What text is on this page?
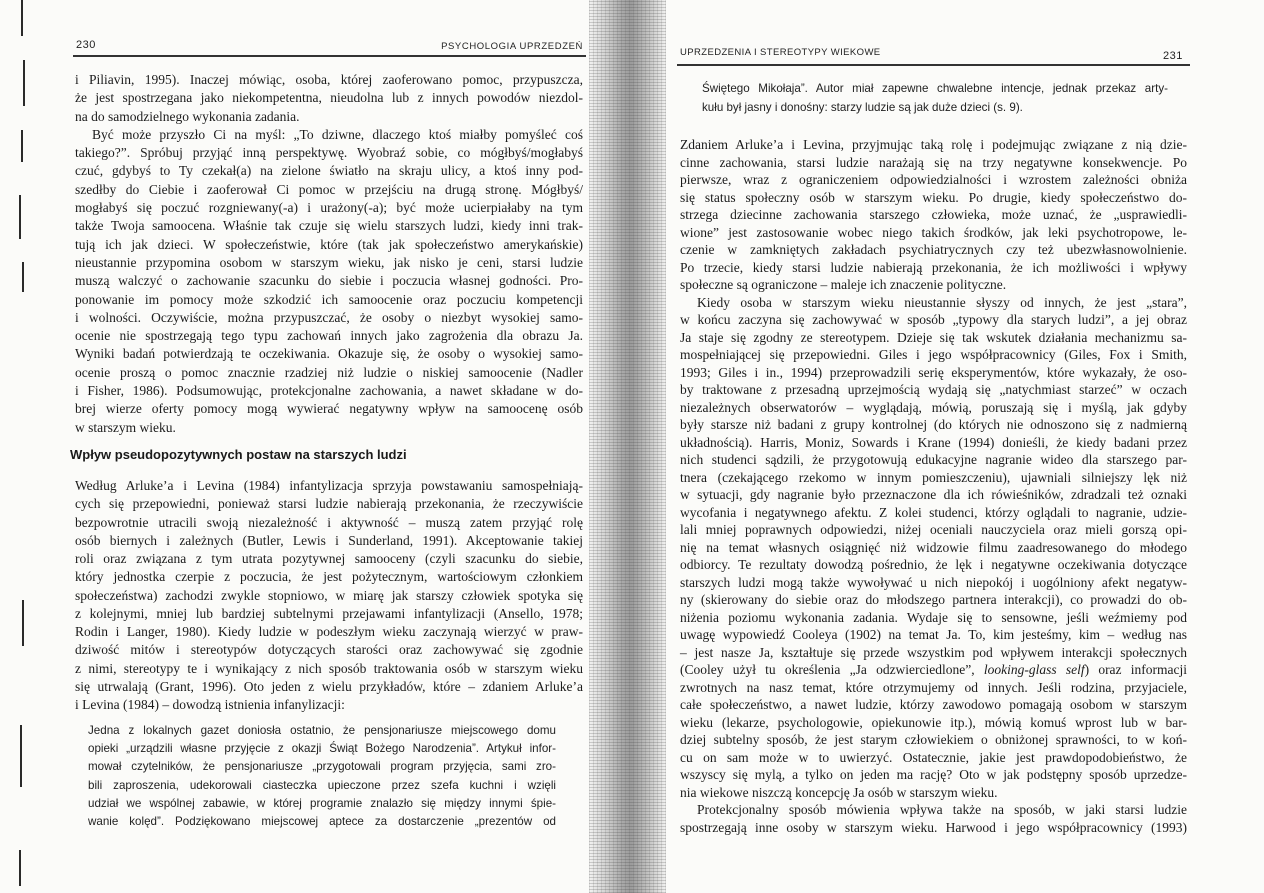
230	PSYCHOLOGIA UPRZEDZEŃ
i Piliavin, 1995). Inaczej mówiąc, osoba, której zaoferowano pomoc, przypuszcza,
że jest spostrzegana jako niekompetentna, nieudolna lub z innych powodów niezdol-
na do samodzielnego wykonania zadania.
Być może przyszło Ci na myśl: „To dziwne, dlaczego ktoś miałby pomyśleć coś
takiego?”. Spróbuj przyjąć inną perspektywę. Wyobraź sobie, co mógłbyś/mogłabyś
czuć, gdybyś to Ty czekał(a) na zielone światło na skraju ulicy, a ktoś inny pod-
szedłby do Ciebie i zaoferował Ci pomoc w przejściu na drugą stronę. Mógłbyś/
mogłabyś się poczuć rozgniewany(-a) i urażony(-a); być może ucierpiałaby na tym
także Twoja samoocena. Właśnie tak czuje się wielu starszych ludzi, kiedy inni trak-
tują ich jak dzieci. W społeczeństwie, które (tak jak społeczeństwo amerykańskie)
nieustannie przypomina osobom w starszym wieku, jak nisko je ceni, starsi ludzie
muszą walczyć o zachowanie szacunku do siebie i poczucia własnej godności. Pro-
ponowanie im pomocy może szkodzić ich samoocenie oraz poczuciu kompetencji
i wolności. Oczywiście, można przypuszczać, że osoby o niezbyt wysokiej samo-
ocenie nie spostrzegają tego typu zachowań innych jako zagrożenia dla obrazu Ja.
Wyniki badań potwierdzają te oczekiwania. Okazuje się, że osoby o wysokiej samo-
ocenie proszą o pomoc znacznie rzadziej niż ludzie o niskiej samoocenie (Nadler
i Fisher, 1986). Podsumowując, protekcjonalne zachowania, a nawet składane w do-
brej wierze oferty pomocy mogą wywierać negatywny wpływ na samoocenę osób
w starszym wieku.
Wpływ pseudopozytywnych postaw na starszych ludzi
Według Arluke’a i Levina (1984) infantylizacja sprzyja powstawaniu samospełniają-
cych się przepowiedni, ponieważ starsi ludzie nabierają przekonania, że rzeczywiście
bezpowrotnie utracili swoją niezależność i aktywność – muszą zatem przyjąć rolę
osób biernych i zależnych (Butler, Lewis i Sunderland, 1991). Akceptowanie takiej
roli oraz związana z tym utrata pozytywnej samooceny (czyli szacunku do siebie,
który jednostka czerpie z poczucia, że jest pożytecznym, wartościowym członkiem
społeczeństwa) zachodzi zwykle stopniowo, w miarę jak starszy człowiek spotyka się
z kolejnymi, mniej lub bardziej subtelnymi przejawami infantylizacji (Ansello, 1978;
Rodin i Langer, 1980). Kiedy ludzie w podeszłym wieku zaczynają wierzyć w praw-
dziwość mitów i stereotypów dotyczących starości oraz zachowywać się zgodnie
z nimi, stereotypy te i wynikający z nich sposób traktowania osób w starszym wieku
się utrwalają (Grant, 1996). Oto jeden z wielu przykładów, które – zdaniem Arluke’a
i Levina (1984) – dowodzą istnienia infanylizacji:
Jedna z lokalnych gazet doniosła ostatnio, że pensjonariusze miejscowego domu
opieki „urządzili własne przyjęcie z okazji Świąt Bożego Narodzenia”. Artykuł infor-
mował czytelników, że pensjonariusze „przygotowali program przyjęcia, sami zro-
bili zaproszenia, udekorowali ciasteczka upieczone przez szefa kuchni i wzięli
udział we wspólnej zabawie, w której programie znalazło się między innymi śpie-
wanie kolęd”. Podziękowano miejscowej aptece za dostarczenie „prezentów od
UPRZEDZENIA I STEREOTYPY WIEKOWE	231
Świętego Mikołaja”. Autor miał zapewne chwalebne intencje, jednak przekaz arty-
kułu był jasny i donośny: starzy ludzie są jak duże dzieci (s. 9).
Zdaniem Arluke’a i Levina, przyjmując taką rolę i podejmując związane z nią dzie-
cinne zachowania, starsi ludzie narażają się na trzy negatywne konsekwencje. Po
pierwsze, wraz z ograniczeniem odpowiedzialności i wzrostem zależności obniża
się status społeczny osób w starszym wieku. Po drugie, kiedy społeczeństwo do-
strzega dziecinne zachowania starszego człowieka, może uznać, że „usprawiedli-
wione” jest zastosowanie wobec niego takich środków, jak leki psychotropowe, le-
czenie w zamkniętych zakładach psychiatrycznych czy też ubezwłasnowolnienie.
Po trzecie, kiedy starsi ludzie nabierają przekonania, że ich możliwości i wpływy
społeczne są ograniczone – maleje ich znaczenie polityczne.
Kiedy osoba w starszym wieku nieustannie słyszy od innych, że jest „stara”,
w końcu zaczyna się zachowywać w sposób „typowy dla starych ludzi”, a jej obraz
Ja staje się zgodny ze stereotypem. Dzieje się tak wskutek działania mechanizmu sa-
mospełniającej się przepowiedni. Giles i jego współpracownicy (Giles, Fox i Smith,
1993; Giles i in., 1994) przeprowadzili serię eksperymentów, które wykazały, że oso-
by traktowane z przesadną uprzejmością wydają się „natychmiast starzeć” w oczach
niezależnych obserwatorów – wyglądają, mówią, poruszają się i myślą, jak gdyby
były starsze niż badani z grupy kontrolnej (do których nie odnoszono się z nadmierną
układnością). Harris, Moniz, Sowards i Krane (1994) donieśli, że kiedy badani przez
nich studenci sądzili, że przygotowują edukacyjne nagranie wideo dla starszego par-
tnera (czekającego rzekomo w innym pomieszczeniu), ujawniali silniejszy lęk niż
w sytuacji, gdy nagranie było przeznaczone dla ich rówieśników, zdradzali też oznaki
wycofania i negatywnego afektu. Z kolei studenci, którzy oglądali to nagranie, udzie-
lali mniej poprawnych odpowiedzi, niżej oceniali nauczyciela oraz mieli gorszą opi-
nię na temat własnych osiągnięć niż widzowie filmu zaadresowanego do młodego
odbiorcy. Te rezultaty dowodzą pośrednio, że lęk i negatywne oczekiwania dotyczące
starszych ludzi mogą także wywoływać u nich niepokój i uogólniony afekt negatyw-
ny (skierowany do siebie oraz do młodszego partnera interakcji), co prowadzi do ob-
niżenia poziomu wykonania zadania. Wydaje się to sensowne, jeśli weźmiemy pod
uwagę wypowiedź Cooleya (1902) na temat Ja. To, kim jesteśmy, kim – według nas
– jest nasze Ja, kształtuje się przede wszystkim pod wpływem interakcji społecznych
(Cooley użył tu określenia „Ja odzwierciedlone”, looking-glass self) oraz informacji
zwrotnych na nasz temat, które otrzymujemy od innych. Jeśli rodzina, przyjaciele,
całe społeczeństwo, a nawet ludzie, którzy zawodowo pomagają osobom w starszym
wieku (lekarze, psychologowie, opiekunowie itp.), mówią komuś wprost lub w bar-
dziej subtelny sposób, że jest starym człowiekiem o obniżonej sprawności, to w koń-
cu on sam może w to uwierzyć. Ostatecznie, jakie jest prawdopodobieństwo, że
wszyscy się mylą, a tylko on jeden ma rację? Oto w jak podstępny sposób uprzedze-
nia wiekowe niszczą koncepcję Ja osób w starszym wieku.
Protekcjonalny sposób mówienia wpływa także na sposób, w jaki starsi ludzie
spostrzegają inne osoby w starszym wieku. Harwood i jego współpracownicy (1993)
